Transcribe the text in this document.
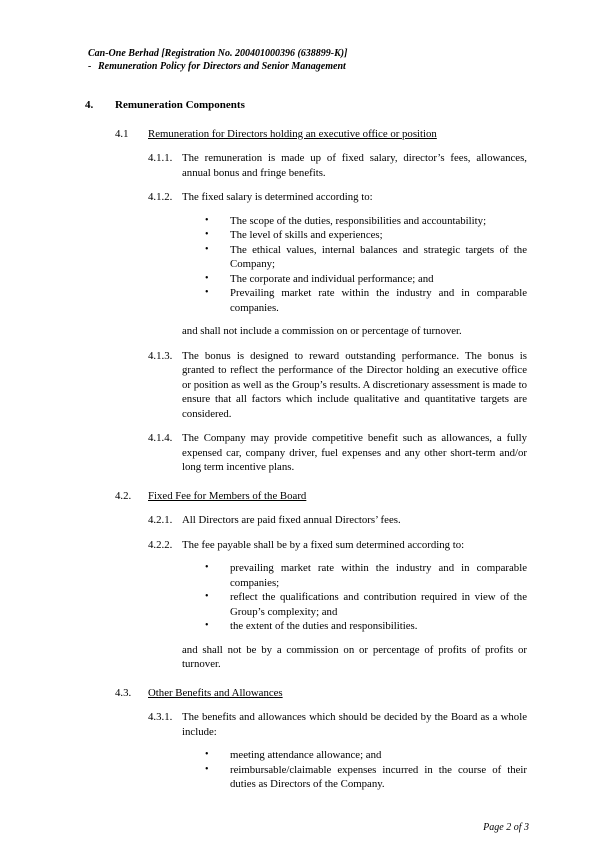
Can-One Berhad [Registration No. 200401000396 (638899-K)]
- Remuneration Policy for Directors and Senior Management
4.	Remuneration Components
4.1	Remuneration for Directors holding an executive office or position
4.1.1. The remuneration is made up of fixed salary, director’s fees, allowances, annual bonus and fringe benefits.
4.1.2. The fixed salary is determined according to:
•	The scope of the duties, responsibilities and accountability;
•	The level of skills and experiences;
•	The ethical values, internal balances and strategic targets of the Company;
•	The corporate and individual performance; and
•	Prevailing market rate within the industry and in comparable companies.
and shall not include a commission on or percentage of turnover.
4.1.3. The bonus is designed to reward outstanding performance. The bonus is granted to reflect the performance of the Director holding an executive office or position as well as the Group’s results. A discretionary assessment is made to ensure that all factors which include qualitative and quantitative targets are considered.
4.1.4. The Company may provide competitive benefit such as allowances, a fully expensed car, company driver, fuel expenses and any other short-term and/or long term incentive plans.
4.2.	Fixed Fee for Members of the Board
4.2.1. All Directors are paid fixed annual Directors’ fees.
4.2.2. The fee payable shall be by a fixed sum determined according to:
•	prevailing market rate within the industry and in comparable companies;
•	reflect the qualifications and contribution required in view of the Group’s complexity; and
•	the extent of the duties and responsibilities.
and shall not be by a commission on or percentage of profits of profits or turnover.
4.3.	Other Benefits and Allowances
4.3.1. The benefits and allowances which should be decided by the Board as a whole include:
•	meeting attendance allowance; and
•	reimbursable/claimable expenses incurred in the course of their duties as Directors of the Company.
Page 2 of 3
